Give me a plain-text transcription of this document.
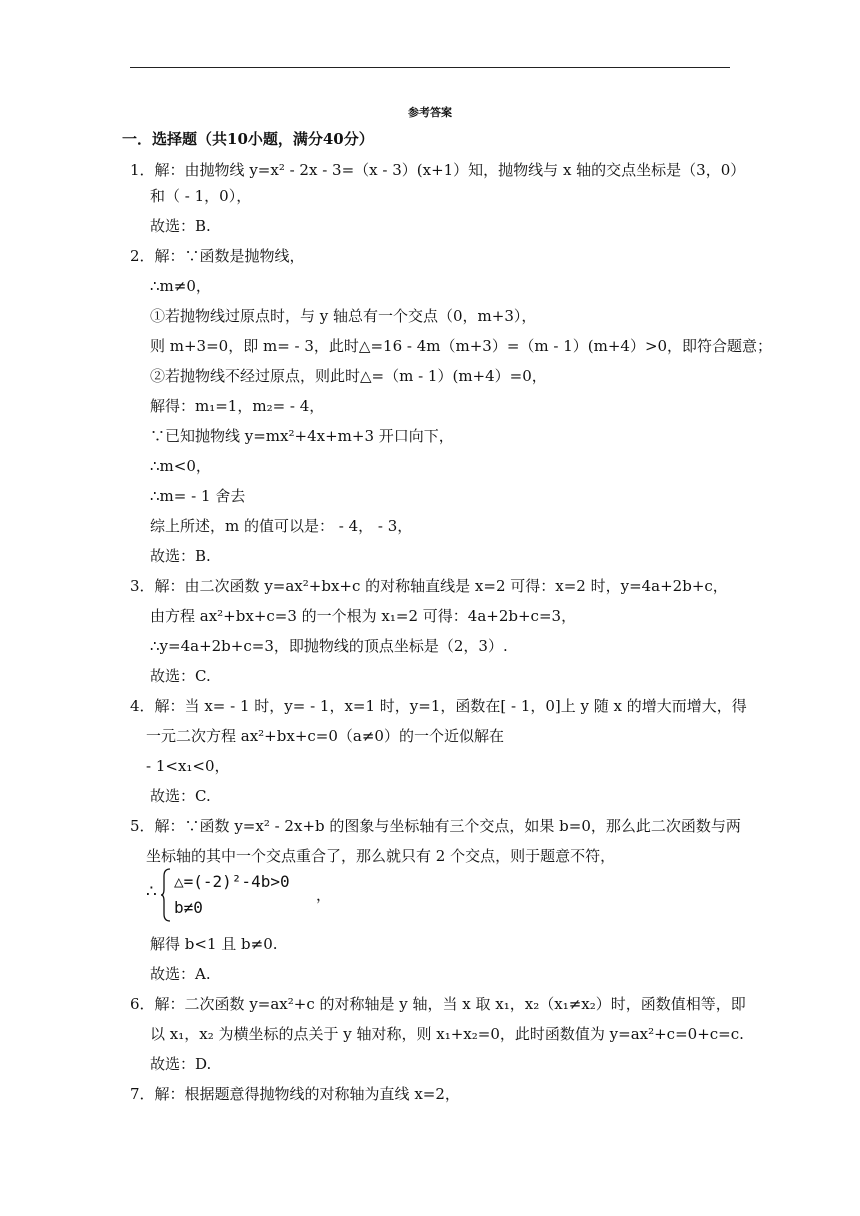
参考答案
一．选择题（共10小题，满分40分）
1．解：由抛物线 y=x² - 2x - 3=（x - 3）(x+1）知，抛物线与 x 轴的交点坐标是（3，0）
和（ - 1，0），
故选：B.
2．解：∵函数是抛物线，
∴m≠0，
①若抛物线过原点时，与 y 轴总有一个交点（0，m+3），
则 m+3=0，即 m= - 3，此时△=16 - 4m（m+3）=（m - 1）(m+4）>0，即符合题意；
②若抛物线不经过原点，则此时△=（m - 1）(m+4）=0，
解得：m₁=1，m₂= - 4，
∵已知抛物线 y=mx²+4x+m+3 开口向下，
∴m<0，
∴m= - 1 舍去
综上所述，m 的值可以是： - 4， - 3，
故选：B.
3．解：由二次函数 y=ax²+bx+c 的对称轴直线是 x=2 可得：x=2 时，y=4a+2b+c，
由方程 ax²+bx+c=3 的一个根为 x₁=2 可得：4a+2b+c=3，
∴y=4a+2b+c=3，即抛物线的顶点坐标是（2，3）.
故选：C.
4．解：当 x= - 1 时，y= - 1，x=1 时，y=1，函数在[ - 1，0]上 y 随 x 的增大而增大，得
一元二次方程 ax²+bx+c=0（a≠0）的一个近似解在
- 1<x₁<0，
故选：C.
5．解：∵函数 y=x² - 2x+b 的图象与坐标轴有三个交点，如果 b=0，那么此二次函数与两
坐标轴的其中一个交点重合了，那么就只有 2 个交点，则于题意不符，
∴
△=(-2)²-4b>0
b≠0
，
解得 b<1 且 b≠0.
故选：A.
6．解：二次函数 y=ax²+c 的对称轴是 y 轴，当 x 取 x₁，x₂（x₁≠x₂）时，函数值相等，即
以 x₁，x₂ 为横坐标的点关于 y 轴对称，则 x₁+x₂=0，此时函数值为 y=ax²+c=0+c=c.
故选：D.
7．解：根据题意得抛物线的对称轴为直线 x=2，
